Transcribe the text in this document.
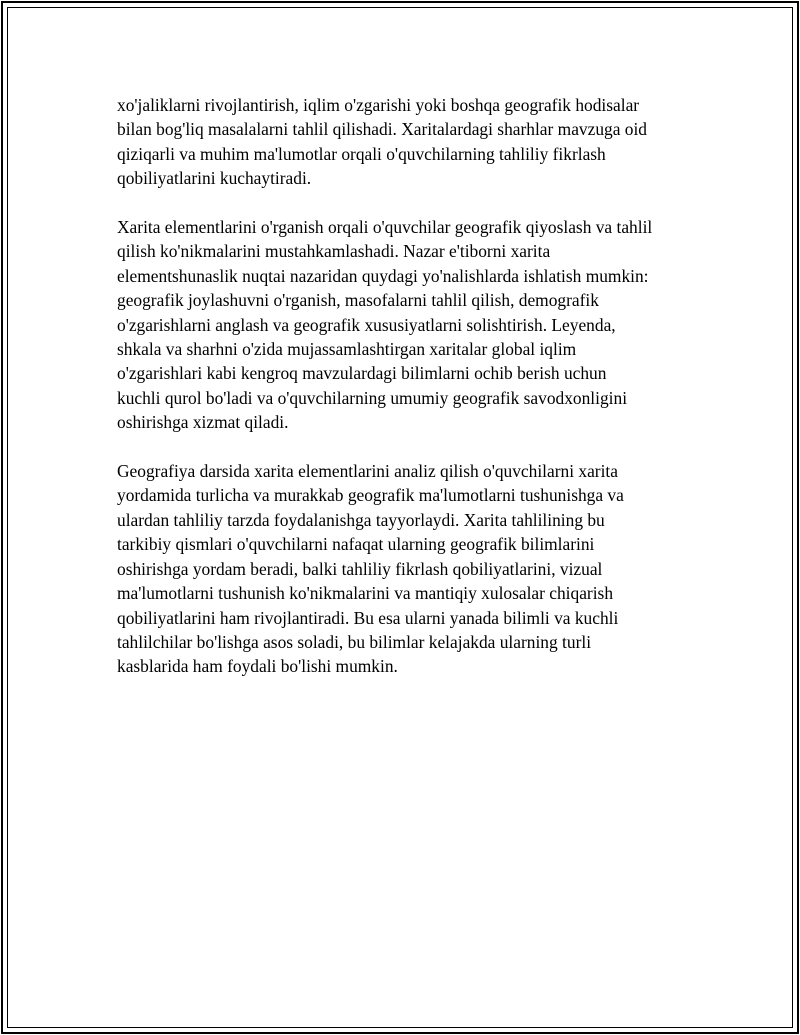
xo'jaliklarni rivojlantirish, iqlim o'zgarishi yoki boshqa geografik hodisalar
bilan bog'liq masalalarni tahlil qilishadi. Xaritalardagi sharhlar mavzuga oid
qiziqarli va muhim ma'lumotlar orqali o'quvchilarning tahliliy fikrlash
qobiliyatlarini kuchaytiradi.

Xarita elementlarini o'rganish orqali o'quvchilar geografik qiyoslash va tahlil
qilish ko'nikmalarini mustahkamlashadi. Nazar e'tiborni xarita
elementshunaslik nuqtai nazaridan quydagi yo'nalishlarda ishlatish mumkin:
geografik joylashuvni o'rganish, masofalarni tahlil qilish, demografik
o'zgarishlarni anglash va geografik xususiyatlarni solishtirish. Leyenda,
shkala va sharhni o'zida mujassamlashtirgan xaritalar global iqlim
o'zgarishlari kabi kengroq mavzulardagi bilimlarni ochib berish uchun
kuchli qurol bo'ladi va o'quvchilarning umumiy geografik savodxonligini
oshirishga xizmat qiladi.

Geografiya darsida xarita elementlarini analiz qilish o'quvchilarni xarita
yordamida turlicha va murakkab geografik ma'lumotlarni tushunishga va
ulardan tahliliy tarzda foydalanishga tayyorlaydi. Xarita tahlilining bu
tarkibiy qismlari o'quvchilarni nafaqat ularning geografik bilimlarini
oshirishga yordam beradi, balki tahliliy fikrlash qobiliyatlarini, vizual
ma'lumotlarni tushunish ko'nikmalarini va mantiqiy xulosalar chiqarish
qobiliyatlarini ham rivojlantiradi. Bu esa ularni yanada bilimli va kuchli
tahlilchilar bo'lishga asos soladi, bu bilimlar kelajakda ularning turli
kasblarida ham foydali bo'lishi mumkin.
